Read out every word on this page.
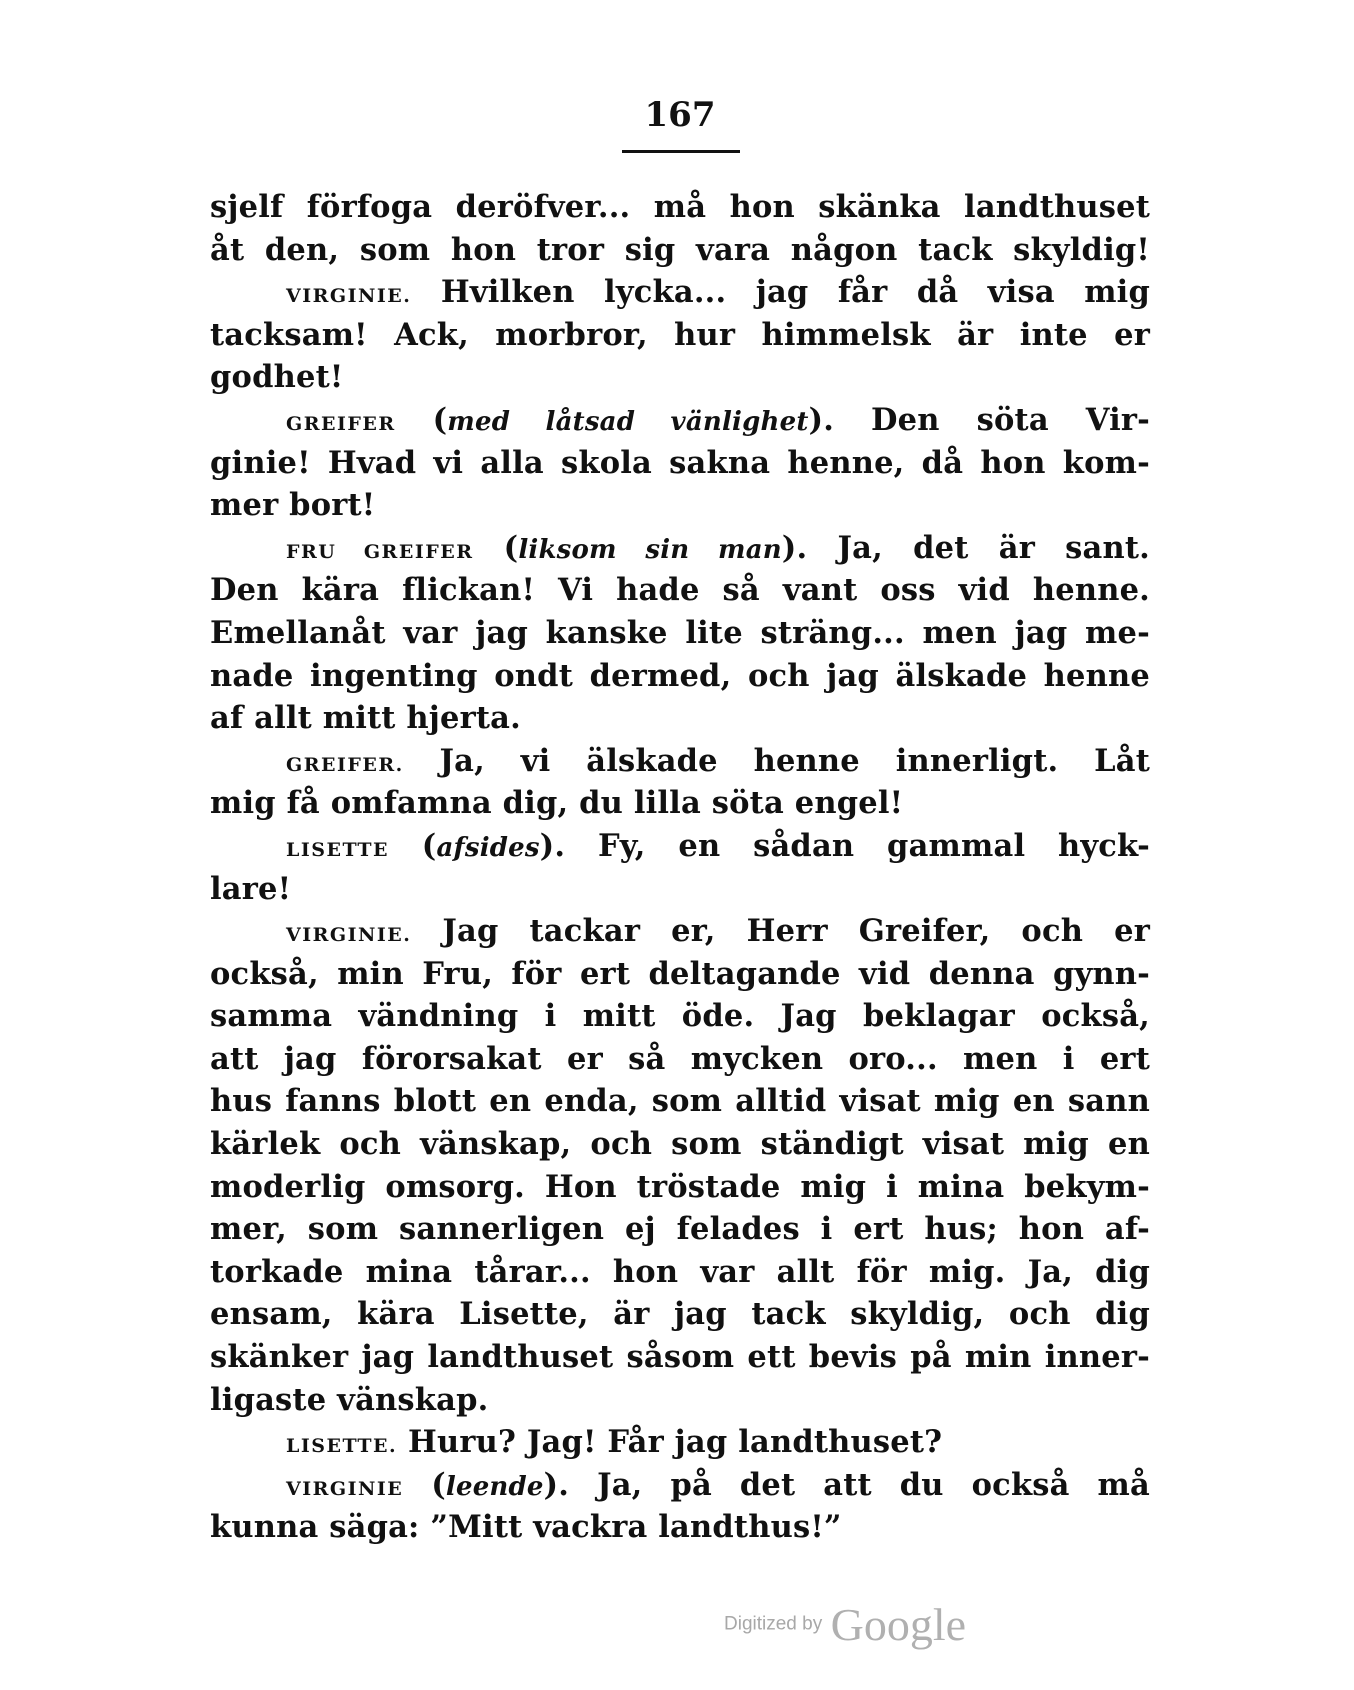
167
sjelf förfoga deröfver... må hon skänka landthuset
åt den, som hon tror sig vara någon tack skyldig!
VIRGINIE. Hvilken lycka... jag får då visa mig
tacksam! Ack, morbror, hur himmelsk är inte er
godhet!
GREIFER (med låtsad vänlighet). Den söta Vir-
ginie! Hvad vi alla skola sakna henne, då hon kom-
mer bort!
FRU GREIFER (liksom sin man). Ja, det är sant.
Den kära flickan! Vi hade så vant oss vid henne.
Emellanåt var jag kanske lite sträng... men jag me-
nade ingenting ondt dermed, och jag älskade henne
af allt mitt hjerta.
GREIFER. Ja, vi älskade henne innerligt. Låt
mig få omfamna dig, du lilla söta engel!
LISETTE (afsides). Fy, en sådan gammal hyck-
lare!
VIRGINIE. Jag tackar er, Herr Greifer, och er
också, min Fru, för ert deltagande vid denna gynn-
samma vändning i mitt öde. Jag beklagar också,
att jag förorsakat er så mycken oro... men i ert
hus fanns blott en enda, som alltid visat mig en sann
kärlek och vänskap, och som ständigt visat mig en
moderlig omsorg. Hon tröstade mig i mina bekym-
mer, som sannerligen ej felades i ert hus; hon af-
torkade mina tårar... hon var allt för mig. Ja, dig
ensam, kära Lisette, är jag tack skyldig, och dig
skänker jag landthuset såsom ett bevis på min inner-
ligaste vänskap.
LISETTE. Huru? Jag! Får jag landthuset?
VIRGINIE (leende). Ja, på det att du också må
kunna säga: ”Mitt vackra landthus!”
Digitized by Google
